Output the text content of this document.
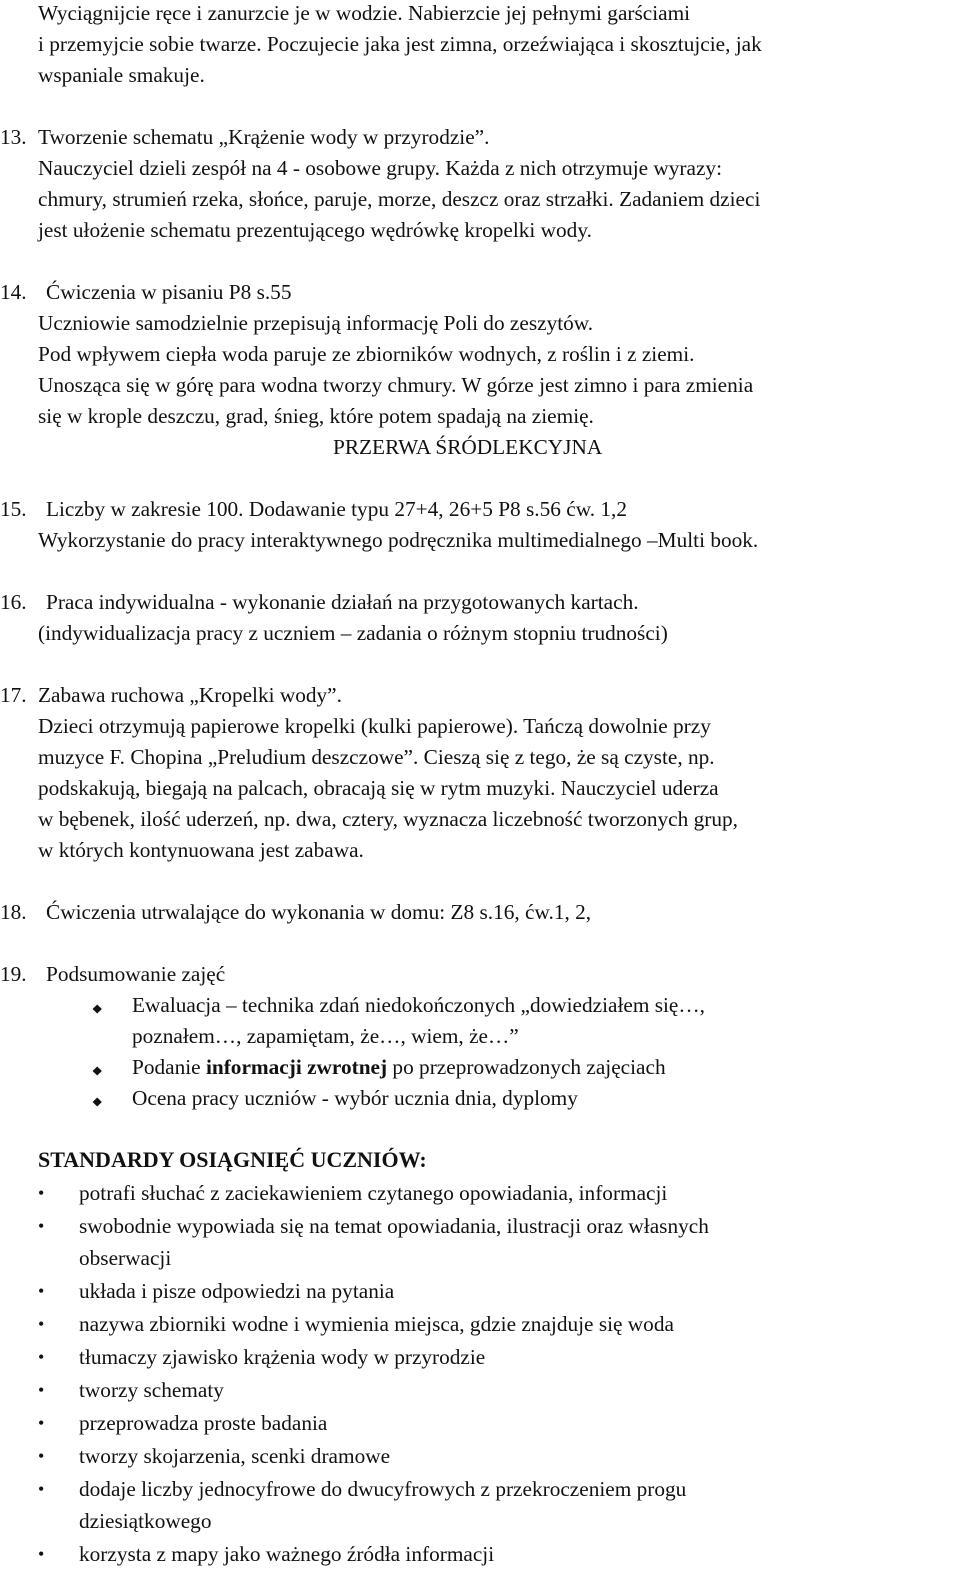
Wyciągnijcie ręce i zanurzcie je w wodzie. Nabierzcie jej pełnymi garściami
i przemyjcie sobie twarze. Poczujecie jaka jest zimna, orzeźwiająca i skosztujcie, jak
wspaniale smakuje.
13. Tworzenie schematu „Krążenie wody w przyrodzie”.
Nauczyciel dzieli zespół na 4 - osobowe grupy. Każda z nich otrzymuje wyrazy:
chmury, strumień rzeka, słońce, paruje, morze, deszcz oraz strzałki. Zadaniem dzieci
jest ułożenie schematu prezentującego wędrówkę kropelki wody.
14. Ćwiczenia w pisaniu P8 s.55
Uczniowie samodzielnie przepisują informację Poli do zeszytów.
Pod wpływem ciepła woda paruje ze zbiorników wodnych, z roślin i z ziemi.
Unosząca się w górę para wodna tworzy chmury. W górze jest zimno i para zmienia
się w krople deszczu, grad, śnieg, które potem spadają na ziemię.
PRZERWA ŚRÓDLEKCYJNA
15. Liczby w zakresie 100. Dodawanie typu 27+4, 26+5 P8 s.56 ćw. 1,2
Wykorzystanie do pracy interaktywnego podręcznika multimedialnego –Multi book.
16. Praca indywidualna - wykonanie działań na przygotowanych kartach.
(indywidualizacja pracy z uczniem – zadania o różnym stopniu trudności)
17. Zabawa ruchowa „Kropelki wody”.
Dzieci otrzymują papierowe kropelki (kulki papierowe). Tańczą dowolnie przy
muzyce F. Chopina „Preludium deszczowe”. Cieszą się z tego, że są czyste, np.
podskakują, biegają na palcach, obracają się w rytm muzyki. Nauczyciel uderza
w bębenek, ilość uderzeń, np. dwa, cztery, wyznacza liczebność tworzonych grup,
w których kontynuowana jest zabawa.
18. Ćwiczenia utrwalające do wykonania w domu: Z8 s.16, ćw.1, 2,
19. Podsumowanie zajęć
⯁ Ewaluacja – technika zdań niedokończonych „dowiedziałem się…,
poznałem…, zapamiętam, że…, wiem, że…”
⯁ Podanie informacji zwrotnej po przeprowadzonych zajęciach
⯁ Ocena pracy uczniów - wybór ucznia dnia, dyplomy
STANDARDY OSIĄGNIĘĆ UCZNIÓW:
• potrafi słuchać z zaciekawieniem czytanego opowiadania, informacji
• swobodnie wypowiada się na temat opowiadania, ilustracji oraz własnych
obserwacji
• układa i pisze odpowiedzi na pytania
• nazywa zbiorniki wodne i wymienia miejsca, gdzie znajduje się woda
• tłumaczy zjawisko krążenia wody w przyrodzie
• tworzy schematy
• przeprowadza proste badania
• tworzy skojarzenia, scenki dramowe
• dodaje liczby jednocyfrowe do dwucyfrowych z przekroczeniem progu
dziesiątkowego
• korzysta z mapy jako ważnego źródła informacji
